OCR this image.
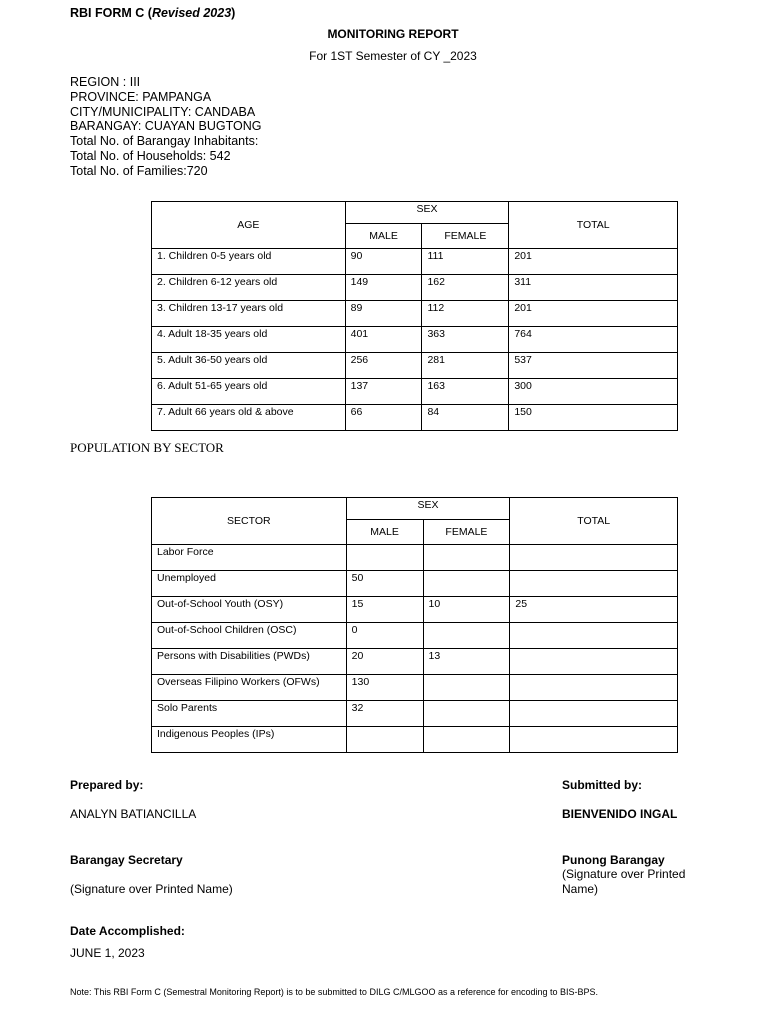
RBI FORM C (Revised 2023)
MONITORING REPORT
For 1ST Semester of CY _2023
REGION : III
PROVINCE: PAMPANGA
CITY/MUNICIPALITY: CANDABA
BARANGAY: CUAYAN BUGTONG
Total No. of Barangay Inhabitants:
Total No. of Households: 542
Total No. of Families:720
AGE	SEX		TOTAL
	MALE	FEMALE	
1. Children 0-5 years old	90	111	201
2. Children 6-12 years old	149	162	311
3. Children 13-17 years old	89	112	201
4. Adult 18-35 years old	401	363	764
5. Adult 36-50 years old	256	281	537
6. Adult 51-65 years old	137	163	300
7. Adult 66 years old & above	66	84	150
POPULATION BY SECTOR
SECTOR	SEX		TOTAL
	MALE	FEMALE	
Labor Force			
Unemployed	50		
Out-of-School Youth (OSY)	15	10	25
Out-of-School Children (OSC)	0		
Persons with Disabilities (PWDs)	20	13	
Overseas Filipino Workers (OFWs)	130		
Solo Parents	32		
Indigenous Peoples (IPs)			
Prepared by:
ANALYN BATIANCILLA
Barangay Secretary
(Signature over Printed Name)
Submitted by:
BIENVENIDO INGAL
Punong Barangay
(Signature over Printed
Name)
Date Accomplished:
JUNE 1, 2023
Note: This RBI Form C (Semestral Monitoring Report) is to be submitted to DILG C/MLGOO as a reference for encoding to BIS-BPS.
